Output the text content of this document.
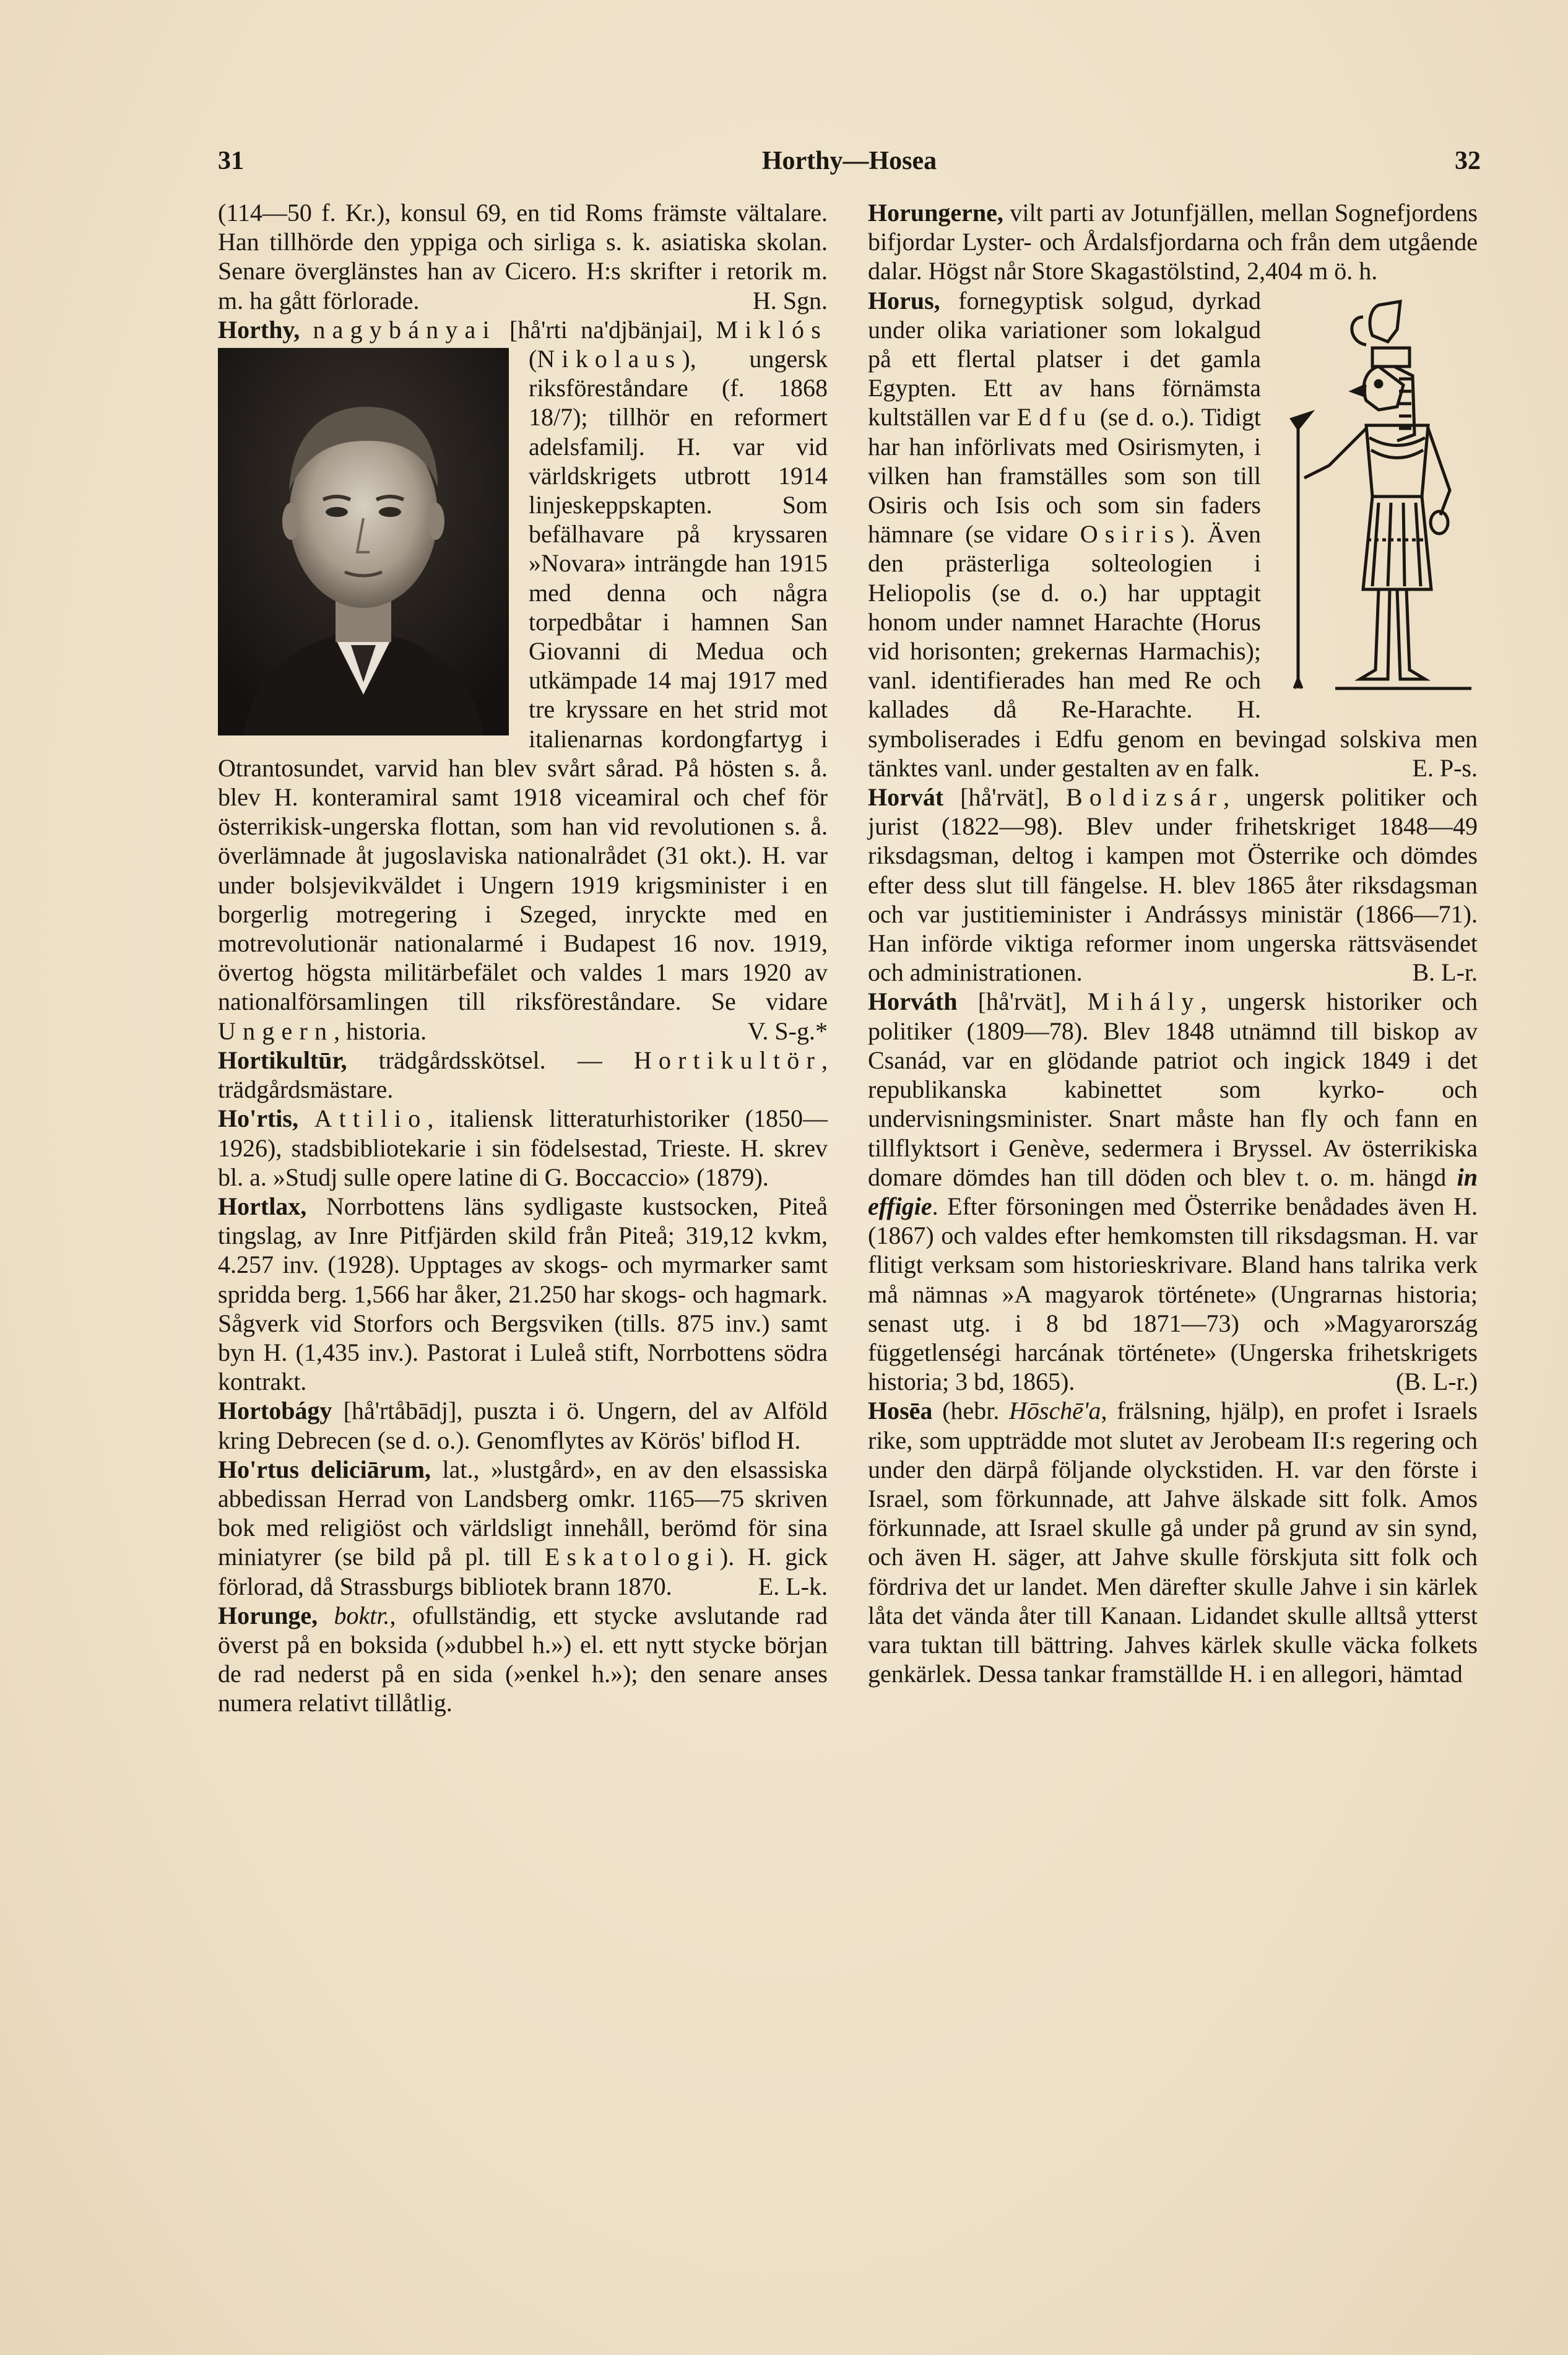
31	Horthy—Hosea	32

(114—50 f. Kr.), konsul 69, en tid Roms främste vältalare. Han tillhörde den yppiga och sirliga s. k. asiatiska skolan. Senare överglänstes han av Cicero. H:s skrifter i retorik m. m. ha gått förlorade.	H. Sgn.

Horthy, nagybányai [hå'rti na'djbänjai], Miklós (Nikolaus
), ungersk riksföreståndare (f. 1868 18/7); tillhör en reformert adelsfamilj. H. var vid världskrigets utbrott 1914 linjeskeppskapten. Som befälhavare på kryssaren »Novara» inträngde han 1915 med denna och några torpedbåtar i hamnen San Giovanni di Medua och utkämpade 14 maj 1917 med tre kryssare en het strid mot italienarnas kordongfartyg i Otrantosundet, varvid han blev svårt sårad. På hösten s. å. blev H. konteramiral samt 1918 viceamiral och chef för österrikisk-ungerska flottan, som han vid revolutionen s. å. överlämnade åt jugoslaviska nationalrådet (31 okt.). H. var under bolsjevikväldet i Ungern 1919 krigsminister i en borgerlig motregering i Szeged, inryckte med en motrevolutionär nationalarmé i Budapest 16 nov. 1919, övertog högsta militärbefälet och valdes 1 mars 1920 av nationalförsamlingen till riksföreståndare. Se vidare Ungern, historia.	V. S-g.*

Hortikultūr, trädgårdsskötsel. — Hortikultör, trädgårdsmästare.

Ho'rtis, Attilio, italiensk litteraturhistoriker (1850—1926), stadsbibliotekarie i sin födelsestad, Trieste. H. skrev bl. a. »Studj sulle opere latine di G. Boccaccio» (1879).

Hortlax, Norrbottens läns sydligaste kustsocken, Piteå tingslag, av Inre Pitfjärden skild från Piteå; 319,12 kvkm, 4.257 inv. (1928). Upptages av skogs- och myrmarker samt spridda berg. 1,566 har åker, 21.250 har skogs- och hagmark. Sågverk vid Storfors och Bergsviken (tills. 875 inv.) samt byn H. (1,435 inv.). Pastorat i Luleå stift, Norrbottens södra kontrakt.

Hortobágy [hå'rtåbādj], puszta i ö. Ungern, del av Alföld kring Debrecen (se d. o.). Genomflytes av Körös' biflod H.

Ho'rtus deliciārum, lat., »lustgård», en av den elsassiska abbedissan Herrad von Landsberg omkr. 1165—75 skriven bok med religiöst och världsligt innehåll, berömd för sina miniatyrer (se bild på pl. till Eskatologi). H. gick förlorad, då Strassburgs bibliotek brann 1870.	E. L-k.

Horunge, boktr., ofullständig, ett stycke avslutande rad överst på en boksida (»dubbel h.») el. ett nytt stycke början de rad nederst på en sida (»enkel h.»); den senare anses numera relativt tillåtlig.

Horungerne, vilt parti av Jotunfjällen, mellan Sognefjordens bifjordar Lyster- och Årdalsfjordarna och från dem utgående dalar. Högst når Store Skagastölstind, 2,404 m ö. h.

Horus,
fornegyptisk solgud, dyrkad under olika variationer som lokalgud på ett flertal platser i det gamla Egypten. Ett av hans förnämsta kultställen var Edfu (se d. o.). Tidigt har han införlivats med Osirismyten, i vilken han framställes som son till Osiris och Isis och som sin faders hämnare (se vidare Osiris). Även den prästerliga solteologien i Heliopolis (se d. o.) har upptagit honom under namnet Harachte (Horus vid horisonten; grekernas Harmachis); vanl. identifierades han med Re och kallades då Re-Harachte. H. symboliserades i Edfu genom en bevingad solskiva men tänktes vanl. under gestalten av en falk.	E. P-s.

Horvát [hå'rvät], Boldizsár, ungersk politiker och jurist (1822—98). Blev under frihetskriget 1848—49 riksdagsman, deltog i kampen mot Österrike och dömdes efter dess slut till fängelse. H. blev 1865 åter riksdagsman och var justitieminister i Andrássys ministär (1866—71). Han införde viktiga reformer inom ungerska rättsväsendet och administrationen.	B. L-r.

Horváth [hå'rvät], Mihály, ungersk historiker och politiker (1809—78). Blev 1848 utnämnd till biskop av Csanád, var en glödande patriot och ingick 1849 i det republikanska kabinettet som kyrko- och undervisningsminister. Snart måste han fly och fann en tillflyktsort i Genève, sedermera i Bryssel. Av österrikiska domare dömdes han till döden och blev t. o. m. hängd in effigie. Efter försoningen med Österrike benådades även H. (1867) och valdes efter hemkomsten till riksdagsman. H. var flitigt verksam som historieskrivare. Bland hans talrika verk må nämnas »A magyarok története» (Ungrarnas historia; senast utg. i 8 bd 1871—73) och »Magyarország függetlenségi harcának története» (Ungerska frihetskrigets historia; 3 bd, 1865).	(B. L-r.)

Hosēa (hebr. Hōschē'a, frälsning, hjälp), en profet i Israels rike, som uppträdde mot slutet av Jerobeam II:s regering och under den därpå följande olyckstiden. H. var den förste i Israel, som förkunnade, att Jahve älskade sitt folk. Amos förkunnade, att Israel skulle gå under på grund av sin synd, och även H. säger, att Jahve skulle förskjuta sitt folk och fördriva det ur landet. Men därefter skulle Jahve i sin kärlek låta det vända åter till Kanaan. Lidandet skulle alltså ytterst vara tuktan till bättring. Jahves kärlek skulle väcka folkets genkärlek. Dessa tankar framställde H. i en allegori, hämtad
